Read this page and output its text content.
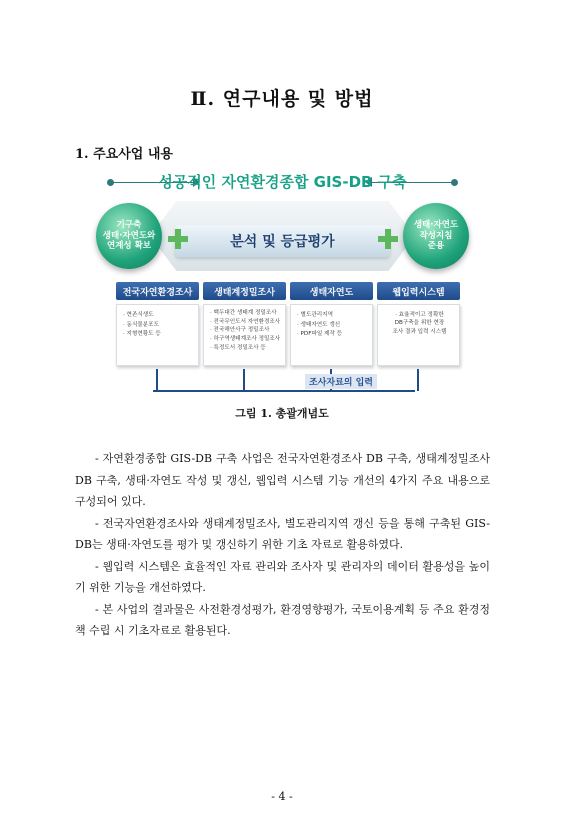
Ⅱ. 연구내용 및 방법
1. 주요사업 내용
성공적인 자연환경종합 GIS-DB 구축
분석 및 등급평가
기구축
생태·자연도와
연계성 확보
생태·자연도
작성지침
준용
전국자연환경조사
· 현존식생도
· 동식물분포도
· 지형현황도 등
생태계정밀조사
· 백두대간 생태계 정밀조사
· 전국무인도서 자연환경조사
· 전국해안사구 정밀조사
· 하구역생태계조사 정밀조사
· 특정도서 정밀조사 등
생태자연도
· 별도관리지역
· 생태자연도 갱신
· PDF파일 제작 등
웹입력시스템
· 효율적이고 정확한
DB구축을 위한 현장
조사 결과 입력 시스템
조사자료의 입력
그림 1. 총괄개념도

- 자연환경종합 GIS-DB 구축 사업은 전국자연환경조사 DB 구축, 생태계정밀조사 DB 구축, 생태·자연도 작성 및 갱신, 웹입력 시스템 기능 개선의 4가지 주요 내용으로 구성되어 있다.

- 전국자연환경조사와 생태계정밀조사, 별도관리지역 갱신 등을 통해 구축된 GIS-DB는 생태·자연도를 평가 및 갱신하기 위한 기초 자료로 활용하였다.

- 웹입력 시스템은 효율적인 자료 관리와 조사자 및 관리자의 데이터 활용성을 높이기 위한 기능을 개선하였다.

- 본 사업의 결과물은 사전환경성평가, 환경영향평가, 국토이용계획 등 주요 환경정책 수립 시 기초자료로 활용된다.

- 4 -
